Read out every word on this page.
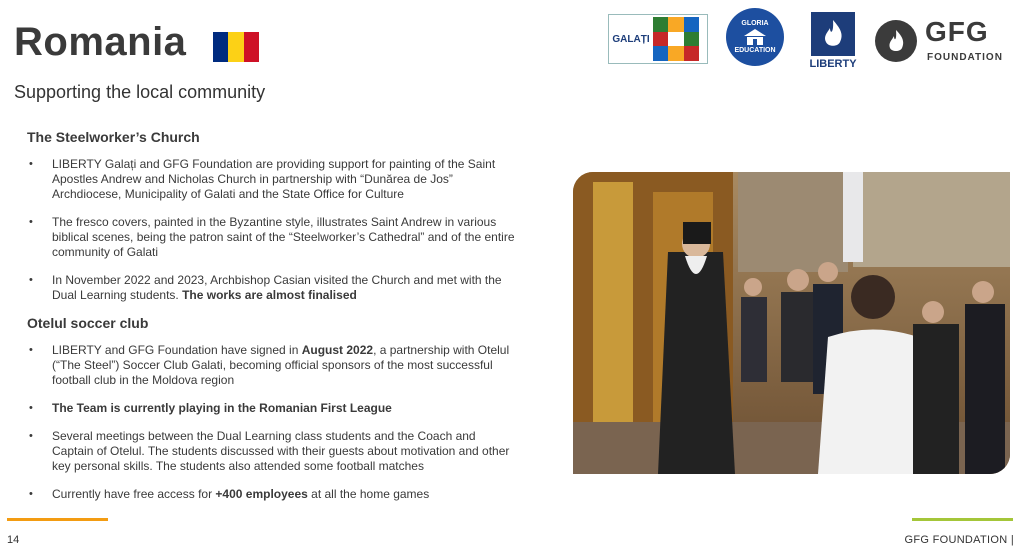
Romania
Supporting the local community
GALAȚI
GLORIA
EDUCATION
LIBERTY
GFG
FOUNDATION
The Steelworker’s Church
• LIBERTY Galați and GFG Foundation are providing support for painting of the Saint Apostles Andrew and Nicholas Church in partnership with “Dunărea de Jos” Archdiocese, Municipality of Galati and the State Office for Culture
• The fresco covers, painted in the Byzantine style, illustrates Saint Andrew in various biblical scenes, being the patron saint of the “Steelworker’s Cathedral” and of the entire community of Galati
• In November 2022 and 2023, Archbishop Casian visited the Church and met with the Dual Learning students. The works are almost finalised
Otelul soccer club
• LIBERTY and GFG Foundation have signed in August 2022, a partnership with Otelul (“The Steel”) Soccer Club Galati, becoming official sponsors of the most successful football club in the Moldova region
• The Team is currently playing in the Romanian First League
• Several meetings between the Dual Learning class students and the Coach and Captain of Otelul. The students discussed with their guests about motivation and other key personal skills. The students also attended some football matches
• Currently have free access for +400 employees at all the home games
14	GFG FOUNDATION |
